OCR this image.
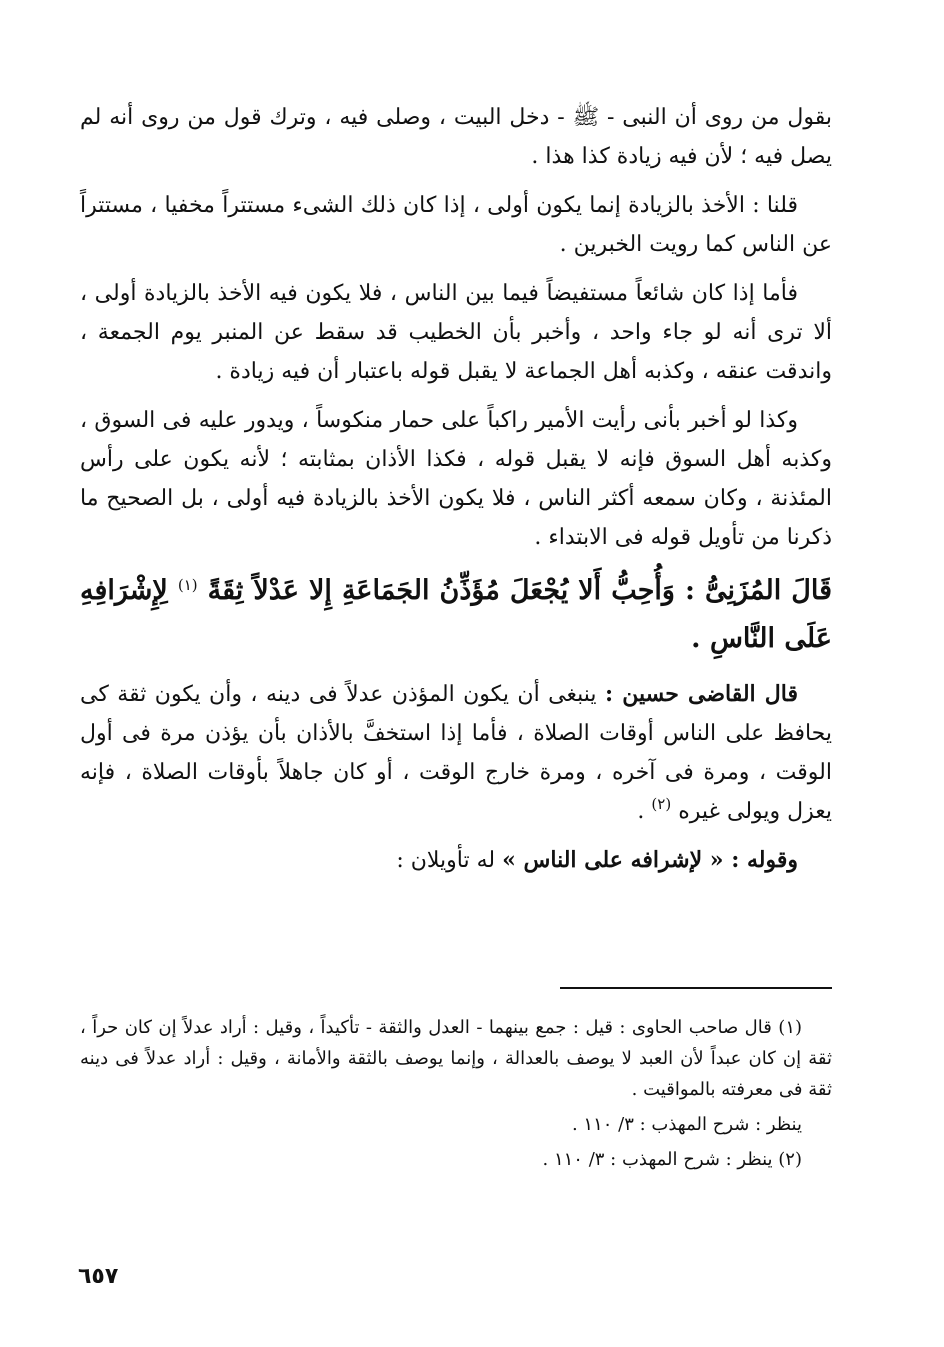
بقول من روى أن النبى - ﷺ - دخل البيت ، وصلى فيه ، وترك قول من روى أنه لم يصل فيه ؛ لأن فيه زيادة كذا هذا .

قلنا : الأخذ بالزيادة إنما يكون أولى ، إذا كان ذلك الشىء مستتراً مخفيا ، مستتراً عن الناس كما رويت الخبرين .

فأما إذا كان شائعاً مستفيضاً فيما بين الناس ، فلا يكون فيه الأخذ بالزيادة أولى ، ألا ترى أنه لو جاء واحد ، وأخبر بأن الخطيب قد سقط عن المنبر يوم الجمعة ، واندقت عنقه ، وكذبه أهل الجماعة لا يقبل قوله باعتبار أن فيه زيادة .

وكذا لو أخبر بأنى رأيت الأمير راكباً على حمار منكوساً ، ويدور عليه فى السوق ، وكذبه أهل السوق فإنه لا يقبل قوله ، فكذا الأذان بمثابته ؛ لأنه يكون على رأس المئذنة ، وكان سمعه أكثر الناس ، فلا يكون الأخذ بالزيادة فيه أولى ، بل الصحيح ما ذكرنا من تأويل قوله فى الابتداء .

قَالَ المُزَنِىُّ : وَأُحِبُّ أَلا يُجْعَلَ مُؤَذِّنُ الجَمَاعَةِ إِلا عَدْلاً ثِقَةً $^{(١)}$ لِإِشْرَافِهِ عَلَى النَّاسِ .

قال القاضى حسين : ينبغى أن يكون المؤذن عدلاً فى دينه ، وأن يكون ثقة كى يحافظ على الناس أوقات الصلاة ، فأما إذا استخفَّ بالأذان بأن يؤذن مرة فى أول الوقت ، ومرة فى آخره ، ومرة خارج الوقت ، أو كان جاهلاً بأوقات الصلاة ، فإنه يعزل ويولى غيره $^{(٢)}$ .

وقوله : « لإشرافه على الناس » له تأويلان :

(١) قال صاحب الحاوى : قيل : جمع بينهما - العدل والثقة - تأكيداً ، وقيل : أراد عدلاً إن كان حراً ، ثقة إن كان عبداً لأن العبد لا يوصف بالعدالة ، وإنما يوصف بالثقة والأمانة ، وقيل : أراد عدلاً فى دينه ثقة فى معرفته بالمواقيت .

ينظر : شرح المهذب : ٣/ ١١٠ .

(٢) ينظر : شرح المهذب : ٣/ ١١٠ .

٦٥٧
